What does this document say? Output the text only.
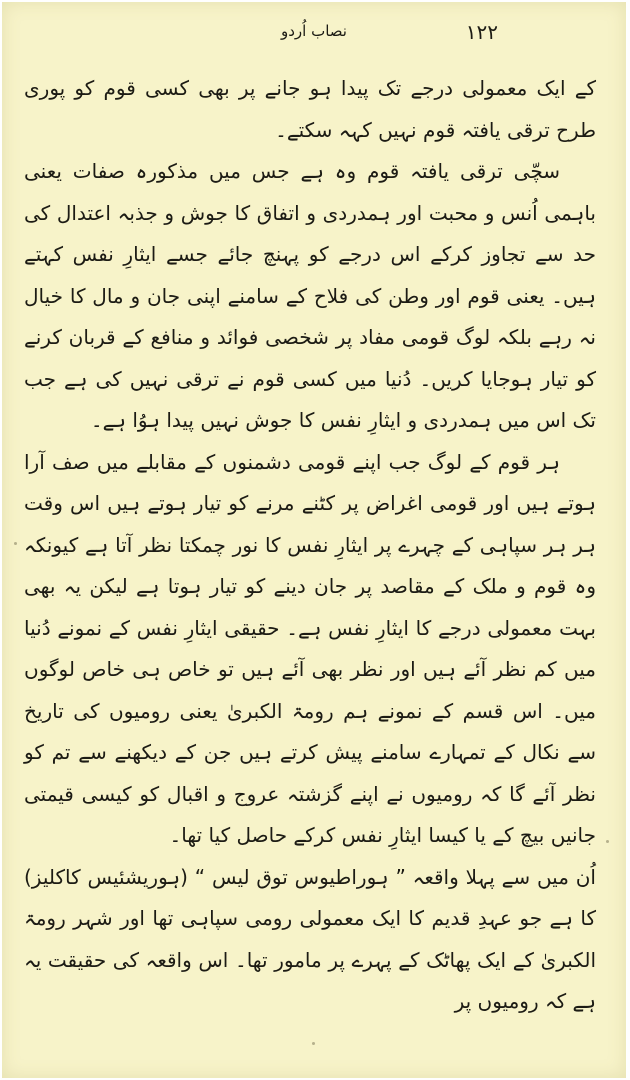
۱۲۲
نصاب اُردو

کے ایک معمولی درجے تک پیدا ہو جانے پر بھی کسی قوم کو پوری طرح ترقی یافتہ قوم نہیں کہہ سکتے۔

سچّی ترقی یافتہ قوم وہ ہے جس میں مذکورہ صفات یعنی باہمی اُنس و محبت اور ہمدردی و اتفاق کا جوش و جذبہ اعتدال کی حد سے تجاوز کرکے اس درجے کو پہنچ جائے جسے ایثارِ نفس کہتے ہیں۔ یعنی قوم اور وطن کی فلاح کے سامنے اپنی جان و مال کا خیال نہ رہے بلکہ لوگ قومی مفاد پر شخصی فوائد و منافع کے قربان کرنے کو تیار ہوجایا کریں۔ دُنیا میں کسی قوم نے ترقی نہیں کی ہے جب تک اس میں ہمدردی و ایثارِ نفس کا جوش نہیں پیدا ہوُا ہے۔

ہر قوم کے لوگ جب اپنے قومی دشمنوں کے مقابلے میں صف آرا ہوتے ہیں اور قومی اغراض پر کٹنے مرنے کو تیار ہوتے ہیں اس وقت ہر ہر سپاہی کے چہرے پر ایثارِ نفس کا نور چمکتا نظر آتا ہے کیونکہ وہ قوم و ملک کے مقاصد پر جان دینے کو تیار ہوتا ہے لیکن یہ بھی بہت معمولی درجے کا ایثارِ نفس ہے۔ حقیقی ایثارِ نفس کے نمونے دُنیا میں کم نظر آئے ہیں اور نظر بھی آئے ہیں تو خاص ہی خاص لوگوں میں۔ اس قسم کے نمونے ہم رومۃ الکبریٰ یعنی رومیوں کی تاریخ سے نکال کے تمہارے سامنے پیش کرتے ہیں جن کے دیکھنے سے تم کو نظر آئے گا کہ رومیوں نے اپنے گزشتہ عروج و اقبال کو کیسی قیمتی جانیں بیچ کے یا کیسا ایثارِ نفس کرکے حاصل کیا تھا۔

اُن میں سے پہلا واقعہ ” ہوراطیوس توق لیس “ (ہوریشئیس کاکلیز) کا ہے جو عہدِ قدیم کا ایک معمولی رومی سپاہی تھا اور شہر رومۃ الکبریٰ کے ایک پھاٹک کے پہرے پر مامور تھا۔ اس واقعہ کی حقیقت یہ ہے کہ رومیوں پر
